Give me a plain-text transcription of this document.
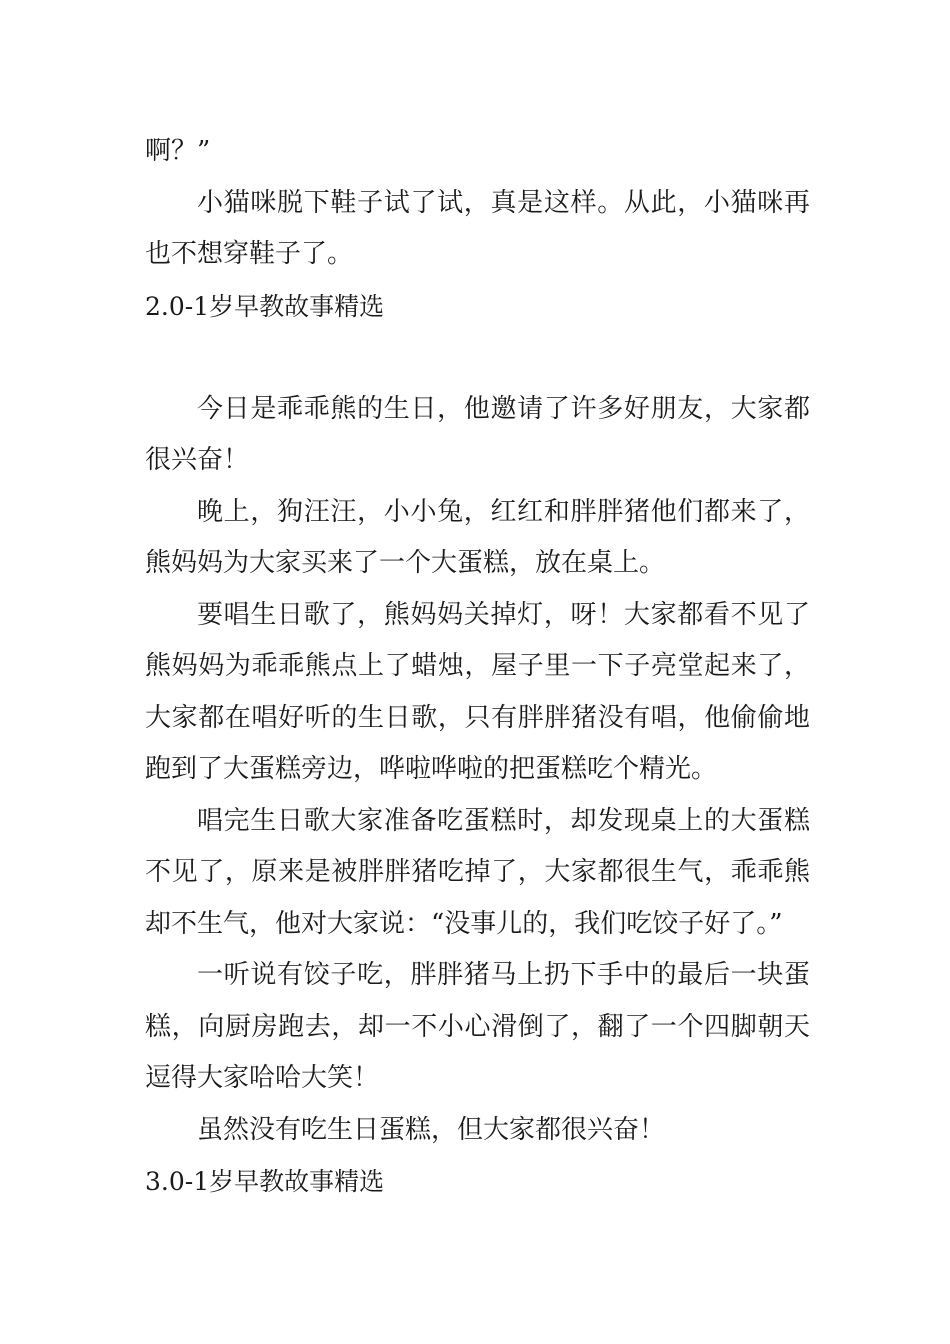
啊？”

小猫咪脱下鞋子试了试，真是这样。从此，小猫咪再也不想穿鞋子了。

2.0-1岁早教故事精选

今日是乖乖熊的生日，他邀请了许多好朋友，大家都很兴奋！

晚上，狗汪汪，小小兔，红红和胖胖猪他们都来了，熊妈妈为大家买来了一个大蛋糕，放在桌上。

要唱生日歌了，熊妈妈关掉灯，呀！大家都看不见了熊妈妈为乖乖熊点上了蜡烛，屋子里一下子亮堂起来了，大家都在唱好听的生日歌，只有胖胖猪没有唱，他偷偷地跑到了大蛋糕旁边，哗啦哗啦的把蛋糕吃个精光。

唱完生日歌大家准备吃蛋糕时，却发现桌上的大蛋糕不见了，原来是被胖胖猪吃掉了，大家都很生气，乖乖熊却不生气，他对大家说：“没事儿的，我们吃饺子好了。”

一听说有饺子吃，胖胖猪马上扔下手中的最后一块蛋糕，向厨房跑去，却一不小心滑倒了，翻了一个四脚朝天逗得大家哈哈大笑！

虽然没有吃生日蛋糕，但大家都很兴奋！

3.0-1岁早教故事精选
